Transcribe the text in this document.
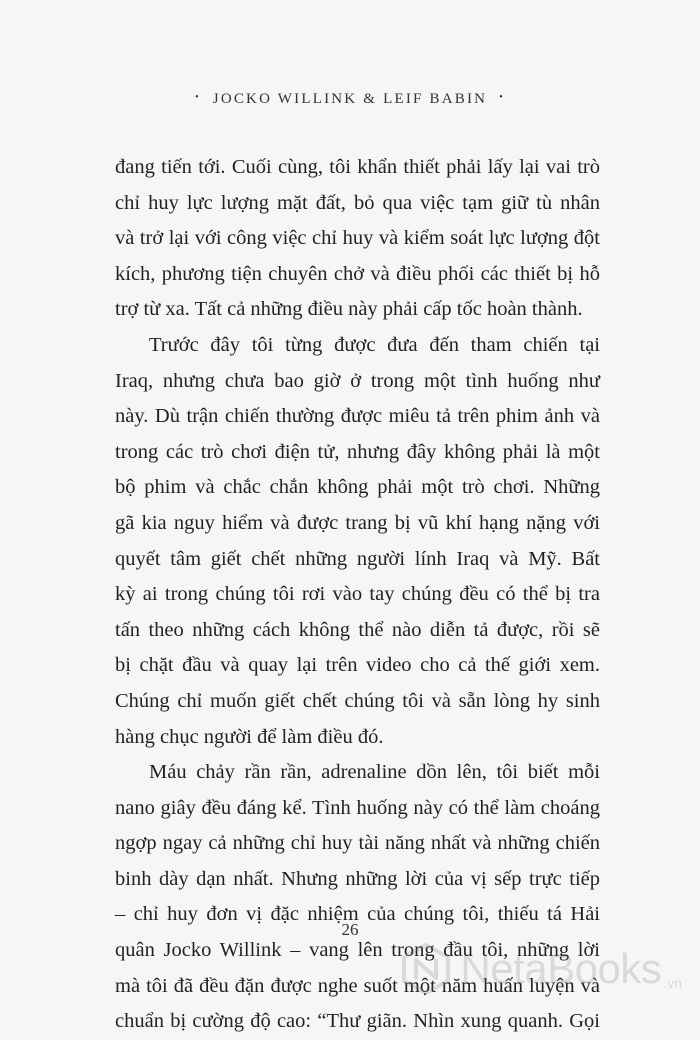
• JOCKO WILLINK & LEIF BABIN •
đang tiến tới. Cuối cùng, tôi khẩn thiết phải lấy lại vai trò
chỉ huy lực lượng mặt đất, bỏ qua việc tạm giữ tù nhân
và trở lại với công việc chỉ huy và kiểm soát lực lượng đột
kích, phương tiện chuyên chở và điều phối các thiết bị hỗ
trợ từ xa. Tất cả những điều này phải cấp tốc hoàn thành.
Trước đây tôi từng được đưa đến tham chiến tại
Iraq, nhưng chưa bao giờ ở trong một tình huống như
này. Dù trận chiến thường được miêu tả trên phim ảnh và
trong các trò chơi điện tử, nhưng đây không phải là một
bộ phim và chắc chắn không phải một trò chơi. Những
gã kia nguy hiểm và được trang bị vũ khí hạng nặng với
quyết tâm giết chết những người lính Iraq và Mỹ. Bất
kỳ ai trong chúng tôi rơi vào tay chúng đều có thể bị tra
tấn theo những cách không thể nào diễn tả được, rồi sẽ
bị chặt đầu và quay lại trên video cho cả thế giới xem.
Chúng chỉ muốn giết chết chúng tôi và sẵn lòng hy sinh
hàng chục người để làm điều đó.
Máu chảy rần rần, adrenaline dồn lên, tôi biết mỗi
nano giây đều đáng kể. Tình huống này có thể làm choáng
ngợp ngay cả những chỉ huy tài năng nhất và những chiến
binh dày dạn nhất. Nhưng những lời của vị sếp trực tiếp
– chỉ huy đơn vị đặc nhiệm của chúng tôi, thiếu tá Hải
quân Jocko Willink – vang lên trong đầu tôi, những lời
mà tôi đã đều đặn được nghe suốt một năm huấn luyện và
chuẩn bị cường độ cao: “Thư giãn. Nhìn xung quanh. Gọi
26
NetaBooks .vn
